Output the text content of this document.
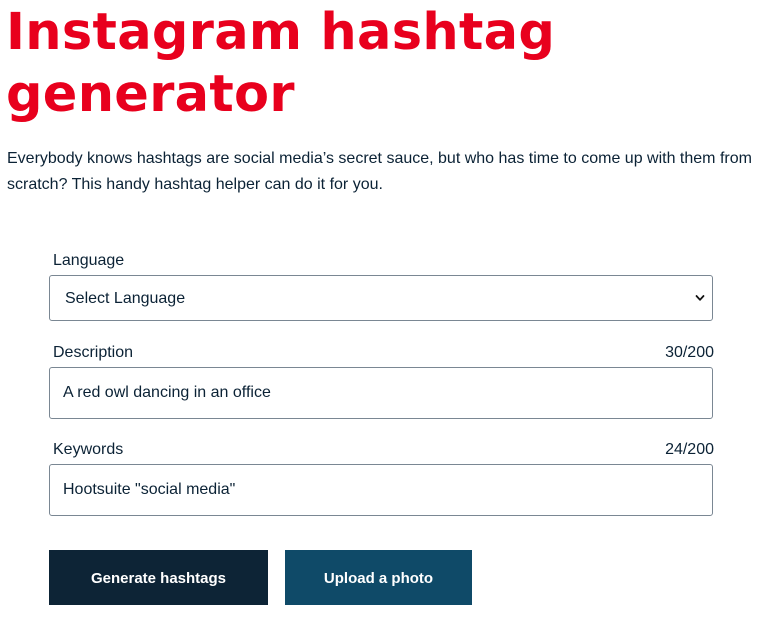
Instagram hashtag generator

Everybody knows hashtags are social media’s secret sauce, but who has time to come up with them from scratch? This handy hashtag helper can do it for you.

Language
Select Language
Description	30/200
A red owl dancing in an office
Keywords	24/200
Hootsuite "social media"
Generate hashtags	Upload a photo
